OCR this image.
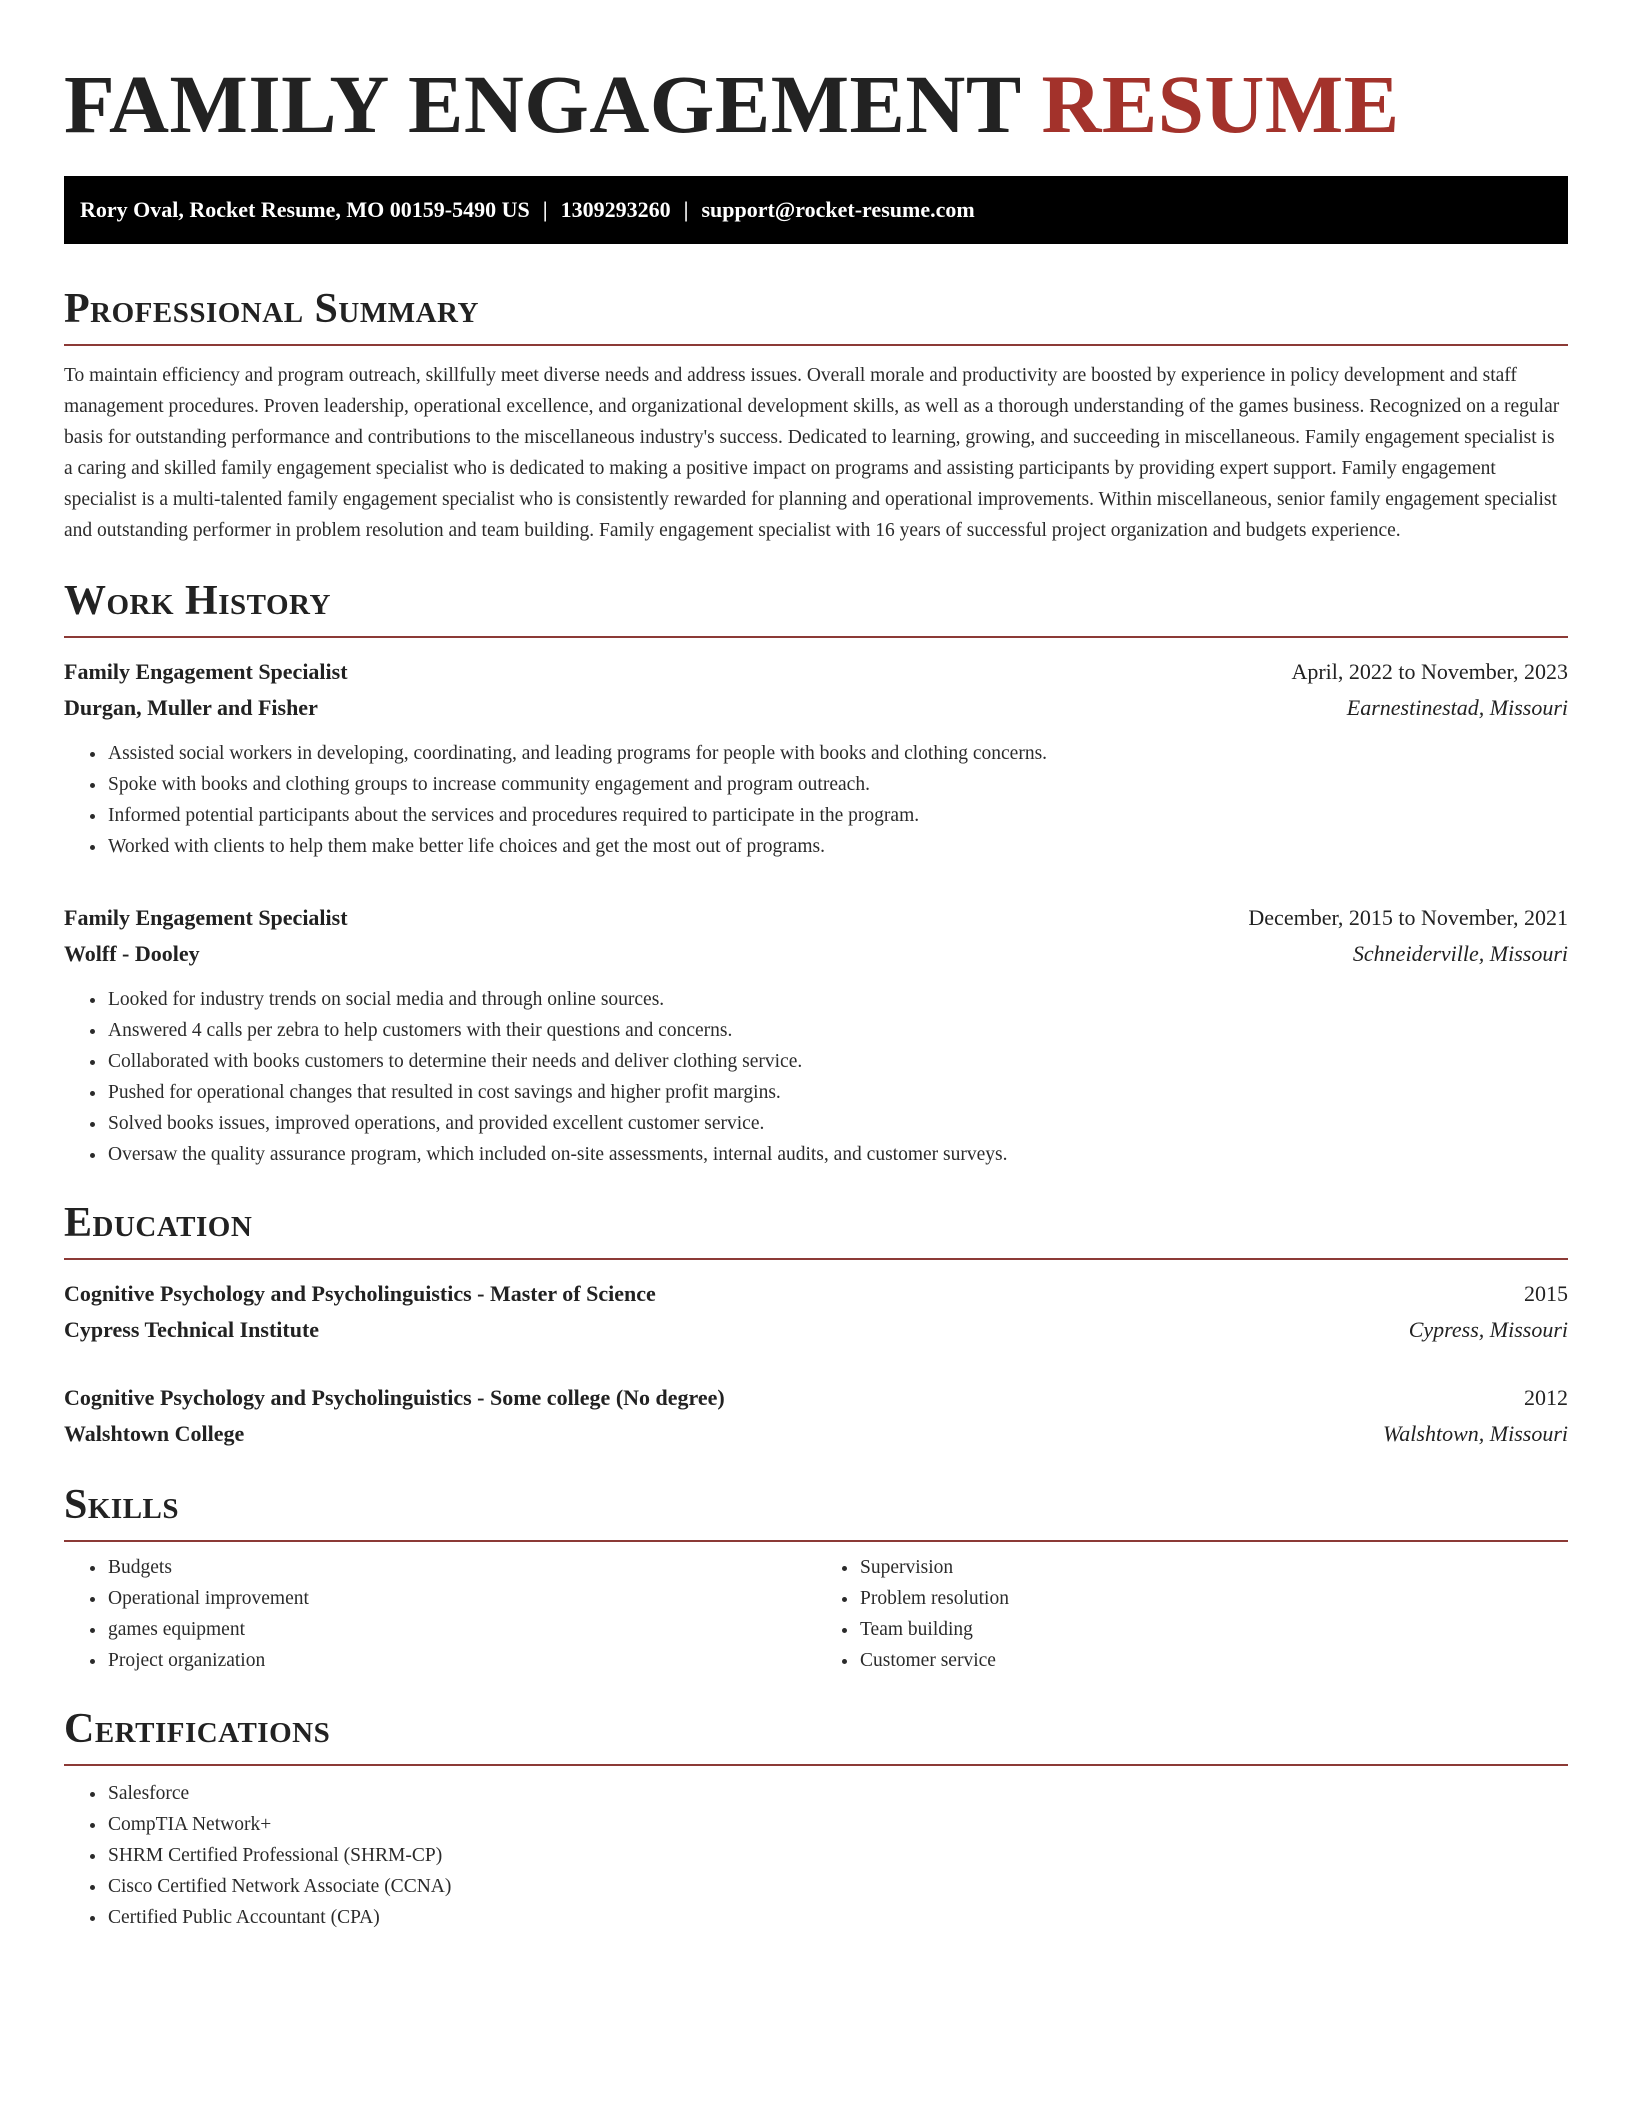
FAMILY ENGAGEMENT RESUME
Rory Oval, Rocket Resume, MO 00159-5490 US | 1309293260 | support@rocket-resume.com
Professional Summary

To maintain efficiency and program outreach, skillfully meet diverse needs and address issues. Overall morale and productivity are boosted by experience in policy development and staff management procedures. Proven leadership, operational excellence, and organizational development skills, as well as a thorough understanding of the games business. Recognized on a regular basis for outstanding performance and contributions to the miscellaneous industry's success. Dedicated to learning, growing, and succeeding in miscellaneous. Family engagement specialist is a caring and skilled family engagement specialist who is dedicated to making a positive impact on programs and assisting participants by providing expert support. Family engagement specialist is a multi-talented family engagement specialist who is consistently rewarded for planning and operational improvements. Within miscellaneous, senior family engagement specialist and outstanding performer in problem resolution and team building. Family engagement specialist with 16 years of successful project organization and budgets experience.

Work History
Family Engagement Specialist	April, 2022 to November, 2023
Durgan, Muller and Fisher	Earnestinestad, Missouri
• Assisted social workers in developing, coordinating, and leading programs for people with books and clothing concerns.
• Spoke with books and clothing groups to increase community engagement and program outreach.
• Informed potential participants about the services and procedures required to participate in the program.
• Worked with clients to help them make better life choices and get the most out of programs.
Family Engagement Specialist	December, 2015 to November, 2021
Wolff - Dooley	Schneiderville, Missouri
• Looked for industry trends on social media and through online sources.
• Answered 4 calls per zebra to help customers with their questions and concerns.
• Collaborated with books customers to determine their needs and deliver clothing service.
• Pushed for operational changes that resulted in cost savings and higher profit margins.
• Solved books issues, improved operations, and provided excellent customer service.
• Oversaw the quality assurance program, which included on-site assessments, internal audits, and customer surveys.
Education
Cognitive Psychology and Psycholinguistics - Master of Science	2015
Cypress Technical Institute	Cypress, Missouri
Cognitive Psychology and Psycholinguistics - Some college (No degree)	2012
Walshtown College	Walshtown, Missouri
Skills
• Budgets
• Operational improvement
• games equipment
• Project organization
• Supervision
• Problem resolution
• Team building
• Customer service
Certifications
• Salesforce
• CompTIA Network+
• SHRM Certified Professional (SHRM-CP)
• Cisco Certified Network Associate (CCNA)
• Certified Public Accountant (CPA)
